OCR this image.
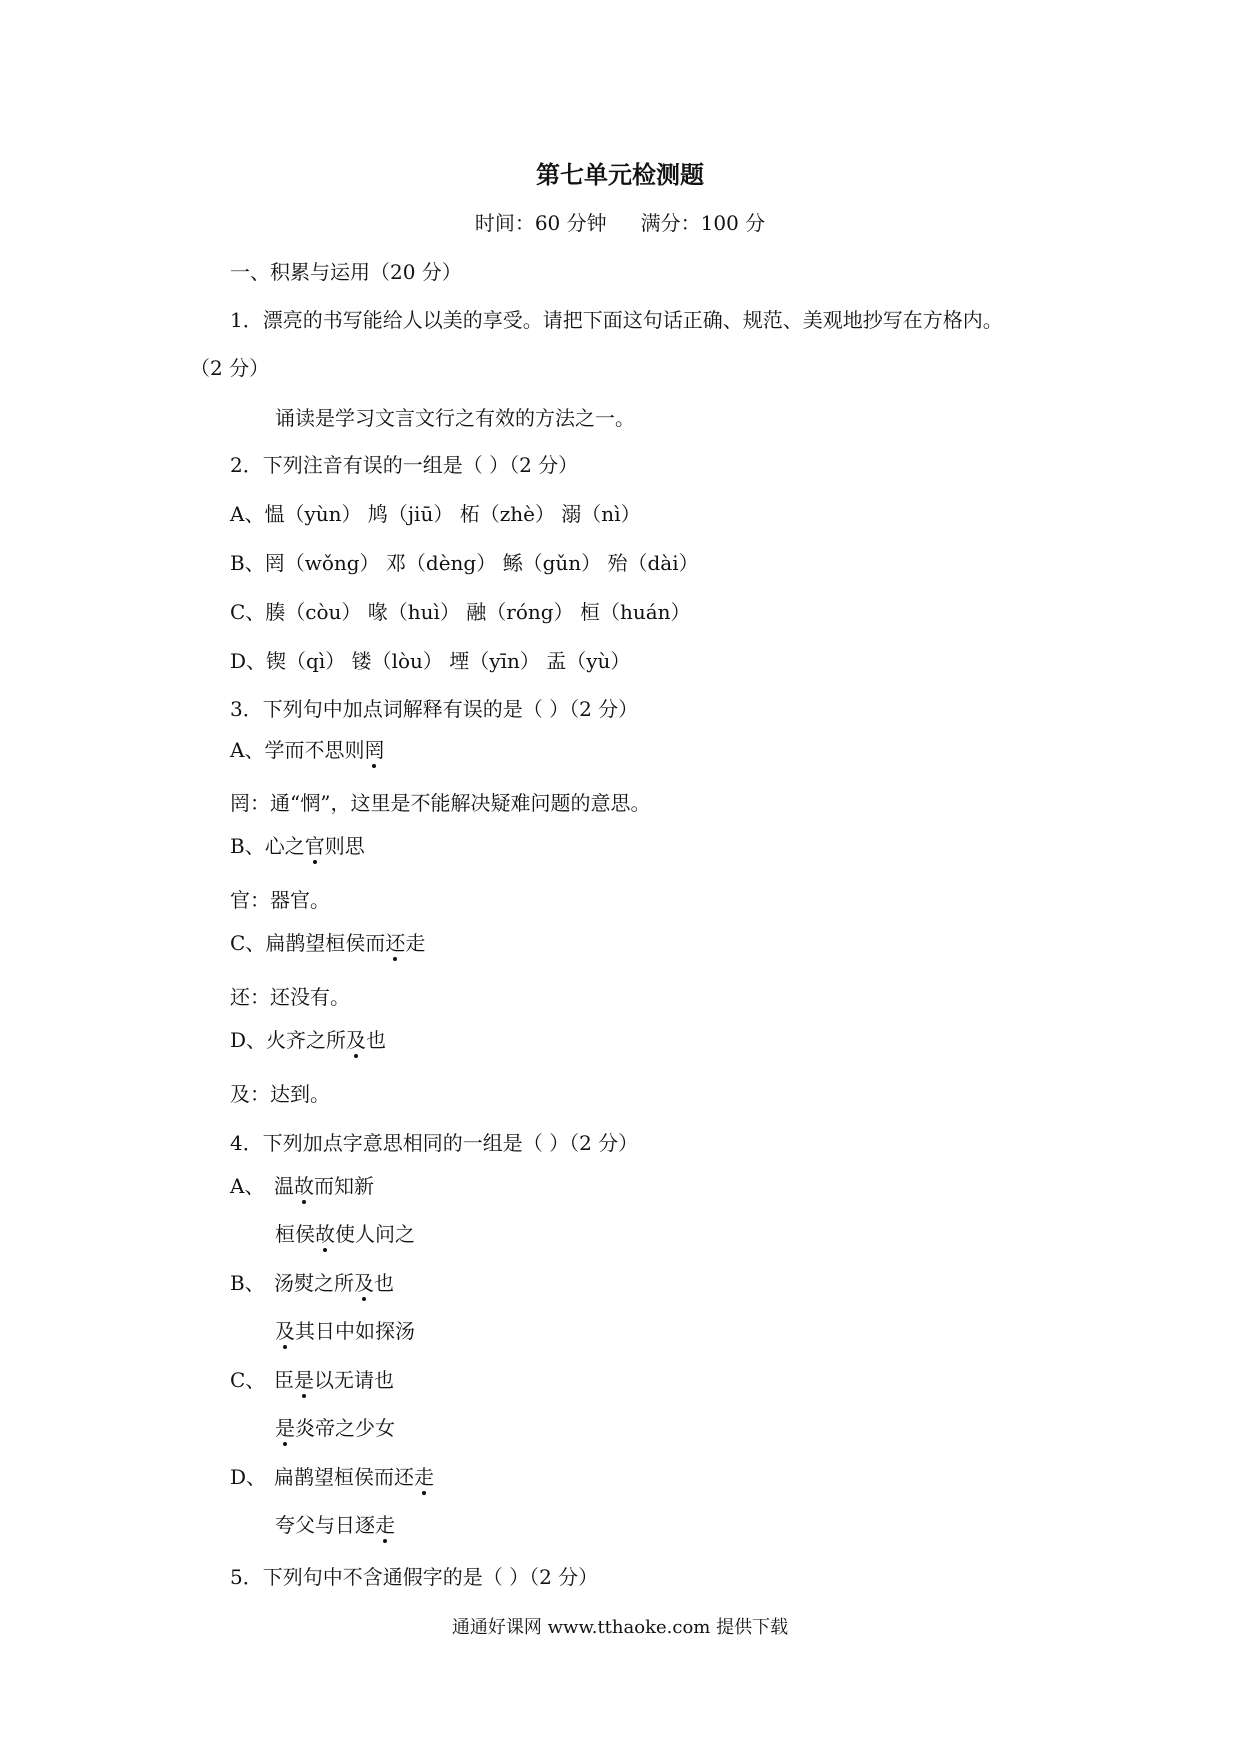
第七单元检测题
时间：60 分钟 满分：100 分
一、积累与运用（20 分）
1．漂亮的书写能给人以美的享受。请把下面这句话正确、规范、美观地抄写在方格内。
（2 分）
诵读是学习文言文行之有效的方法之一。
2．下列注音有误的一组是（ ）（2 分）
A、愠（yùn） 鸠（jiū） 柘（zhè） 溺（nì）
B、罔（wǒng） 邓（dèng） 鲧（gǔn） 殆（dài）
C、腠（còu） 喙（huì） 融（róng） 桓（huán）
D、锲（qì） 镂（lòu） 堙（yīn） 盂（yù）
3．下列句中加点词解释有误的是（ ）（2 分）
A、学而不思则罔
罔：通“惘”，这里是不能解决疑难问题的意思。
B、心之官则思
官：器官。
C、扁鹊望桓侯而还走
还：还没有。
D、火齐之所及也
及：达到。
4．下列加点字意思相同的一组是（ ）（2 分）
A、 温故而知新
桓侯故使人问之
B、 汤熨之所及也
及其日中如探汤
C、 臣是以无请也
是炎帝之少女
D、 扁鹊望桓侯而还走
夸父与日逐走
5．下列句中不含通假字的是（ ）（2 分）
通通好课网 www.tthaoke.com 提供下载
